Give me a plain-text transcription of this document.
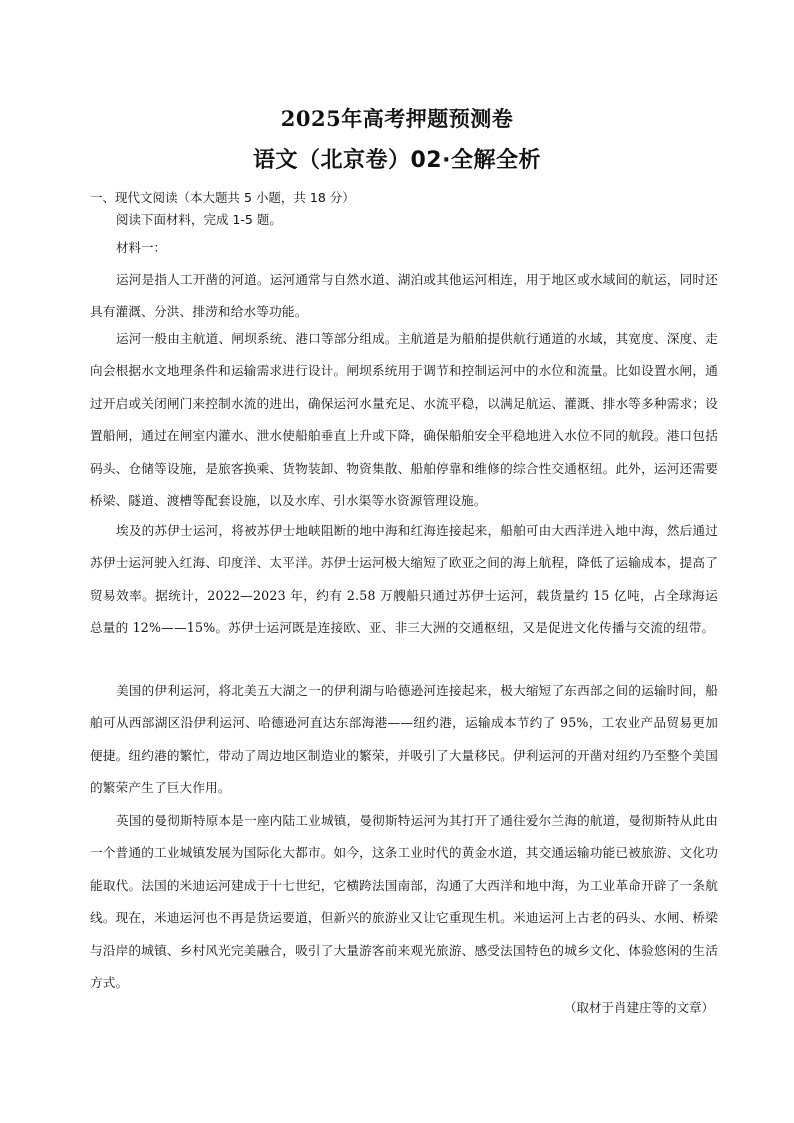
2025年高考押题预测卷
语文（北京卷）02·全解全析
一、现代文阅读（本大题共 5 小题，共 18 分）
阅读下面材料，完成 1-5 题。
材料一：

运河是指人工开凿的河道。运河通常与自然水道、湖泊或其他运河相连，用于地区或水域间的航运，同时还具有灌溉、分洪、排涝和给水等功能。

运河一般由主航道、闸坝系统、港口等部分组成。主航道是为船舶提供航行通道的水域，其宽度、深度、走向会根据水文地理条件和运输需求进行设计。闸坝系统用于调节和控制运河中的水位和流量。比如设置水闸，通过开启或关闭闸门来控制水流的进出，确保运河水量充足、水流平稳，以满足航运、灌溉、排水等多种需求；设置船闸，通过在闸室内灌水、泄水使船舶垂直上升或下降，确保船舶安全平稳地进入水位不同的航段。港口包括码头、仓储等设施，是旅客换乘、货物装卸、物资集散、船舶停靠和维修的综合性交通枢纽。此外，运河还需要桥梁、隧道、渡槽等配套设施，以及水库、引水渠等水资源管理设施。

埃及的苏伊士运河，将被苏伊士地峡阻断的地中海和红海连接起来，船舶可由大西洋进入地中海，然后通过苏伊士运河驶入红海、印度洋、太平洋。苏伊士运河极大缩短了欧亚之间的海上航程，降低了运输成本，提高了贸易效率。据统计，2022—2023 年，约有 2.58 万艘船只通过苏伊士运河，载货量约 15 亿吨，占全球海运总量的 12%——15%。苏伊士运河既是连接欧、亚、非三大洲的交通枢纽，又是促进文化传播与交流的纽带。

美国的伊利运河，将北美五大湖之一的伊利湖与哈德逊河连接起来，极大缩短了东西部之间的运输时间，船舶可从西部湖区沿伊利运河、哈德逊河直达东部海港——纽约港，运输成本节约了 95%，工农业产品贸易更加便捷。纽约港的繁忙，带动了周边地区制造业的繁荣，并吸引了大量移民。伊利运河的开凿对纽约乃至整个美国的繁荣产生了巨大作用。

英国的曼彻斯特原本是一座内陆工业城镇，曼彻斯特运河为其打开了通往爱尔兰海的航道，曼彻斯特从此由一个普通的工业城镇发展为国际化大都市。如今，这条工业时代的黄金水道，其交通运输功能已被旅游、文化功能取代。法国的米迪运河建成于十七世纪，它横跨法国南部，沟通了大西洋和地中海，为工业革命开辟了一条航线。现在，米迪运河也不再是货运要道，但新兴的旅游业又让它重现生机。米迪运河上古老的码头、水闸、桥梁与沿岸的城镇、乡村风光完美融合，吸引了大量游客前来观光旅游、感受法国特色的城乡文化、体验悠闲的生活方式。

（取材于肖建庄等的文章）
